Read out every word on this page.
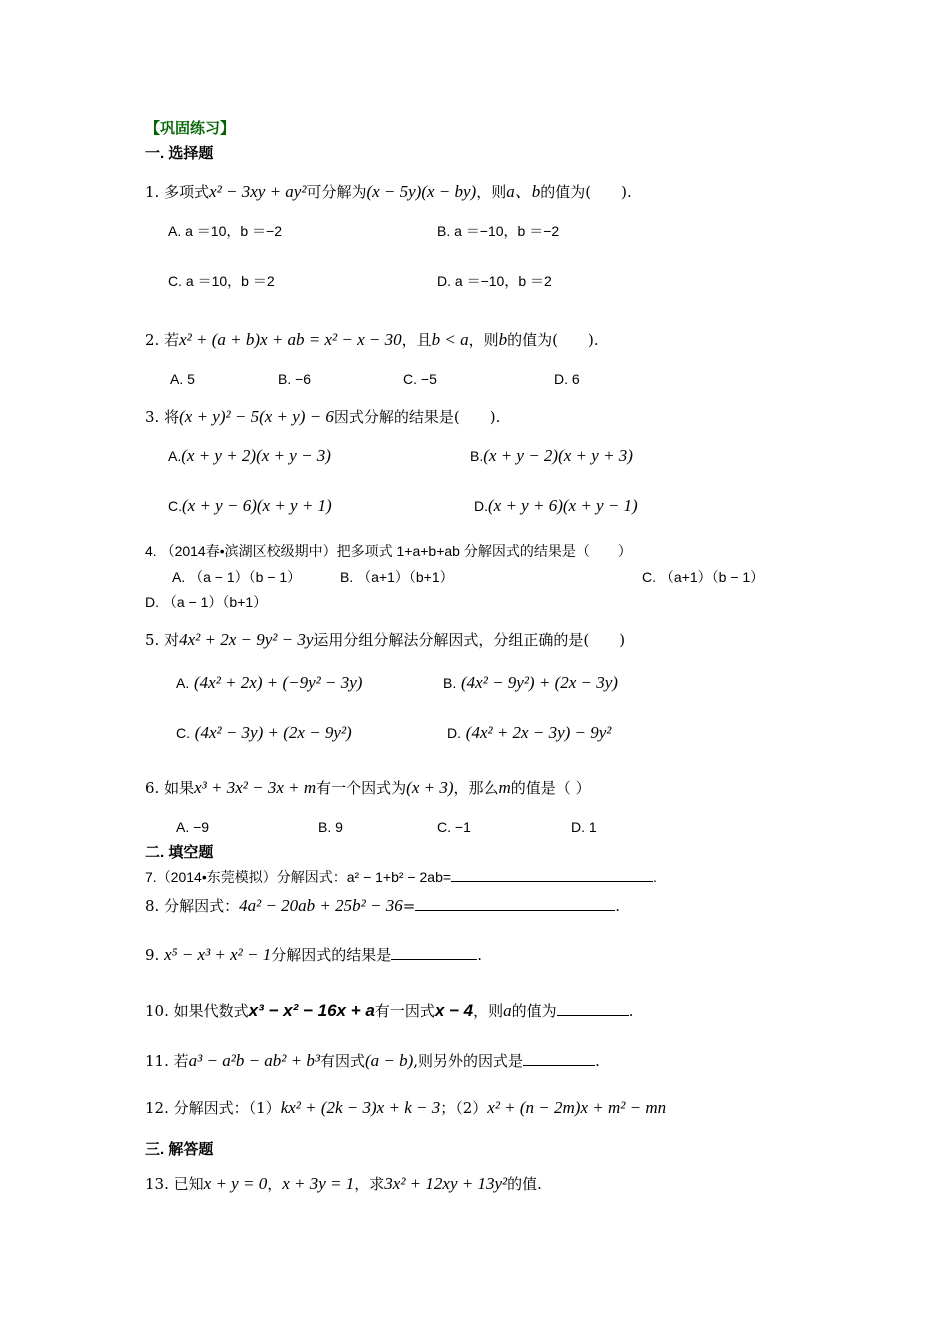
【巩固练习】
一. 选择题
1. 多项式x² − 3xy + ay²可分解为(x − 5y)(x − by)，则a、b的值为(　　).
A. a ＝10，b ＝−2	B. a ＝−10，b ＝−2
C. a ＝10，b ＝2	D. a ＝−10，b ＝2
2. 若x² + (a + b)x + ab = x² − x − 30，且b < a，则b的值为(　　).
A. 5	B. −6	C. −5	D. 6
3. 将(x + y)² − 5(x + y) − 6因式分解的结果是(　　).
A.(x + y + 2)(x + y − 3)	B.(x + y − 2)(x + y + 3)
C.(x + y − 6)(x + y + 1)	D.(x + y + 6)(x + y − 1)
4. （2014春•滨湖区校级期中）把多项式 1+a+b+ab 分解因式的结果是（　　）
A. （a − 1）（b − 1）	B. （a+1）（b+1）	C. （a+1）（b − 1）
D. （a − 1）（b+1）
5. 对4x² + 2x − 9y² − 3y运用分组分解法分解因式，分组正确的是(　　)
A. (4x² + 2x) + (−9y² − 3y)	B. (4x² − 9y²) + (2x − 3y)
C. (4x² − 3y) + (2x − 9y²)	D. (4x² + 2x − 3y) − 9y²
6. 如果x³ + 3x² − 3x + m有一个因式为(x + 3)，那么m的值是（ ）
A. −9	B. 9	C. −1	D. 1
二. 填空题
7.（2014•东莞模拟）分解因式：a² − 1+b² − 2ab=	.
8. 分解因式：4a² − 20ab + 25b² − 36=	.
9. x⁵ − x³ + x² − 1分解因式的结果是	.
10. 如果代数式x³ − x² − 16x + a有一因式x − 4，则a的值为	.
11. 若a³ − a²b − ab² + b³有因式(a − b),则另外的因式是	.
12. 分解因式：（1）kx² + (2k − 3)x + k − 3；（2）x² + (n − 2m)x + m² − mn
三. 解答题
13. 已知x + y = 0，x + 3y = 1，求3x² + 12xy + 13y²的值.
